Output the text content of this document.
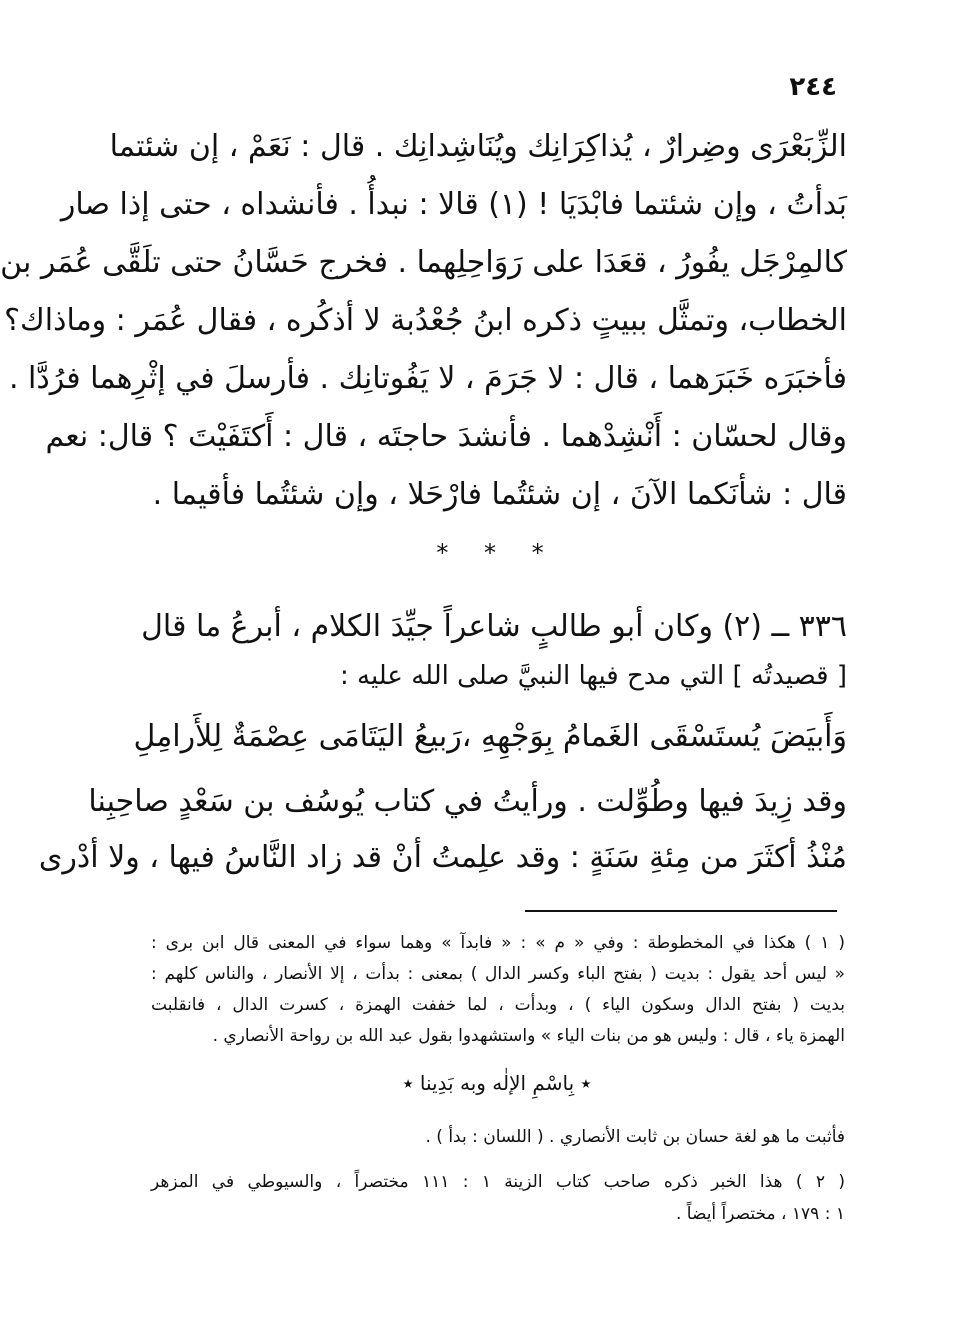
٢٤٤
الزِّبَعْرَى وضِرارٌ ، يُذاكِرَانِك ويُنَاشِدانِك . قال : نَعَمْ ، إن شئتما
بَدأتُ ، وإن شئتما فابْدَيَا ! (١) قالا : نبدأُ . فأنشداه ، حتى إذا صار
كالمِرْجَل يفُورُ ، قعَدَا على رَوَاحِلِهما . فخرج حَسَّانُ حتى تلَقَّى عُمَر بن
الخطاب، وتمثَّل ببيتٍ ذكره ابنُ جُعْدُبة لا أذكُره ، فقال عُمَر : وماذاك؟
فأخبَرَه خَبَرَهما ، قال : لا جَرَمَ ، لا يَفُوتانِك . فأرسلَ في إثْرِهما فرُدَّا .
وقال لحسّان : أَنْشِدْهما . فأنشدَ حاجتَه ، قال : أَكتَفَيْتَ ؟ قال: نعم
قال : شأنَكما الآنَ ، إن شئتُما فارْحَلا ، وإن شئتُما فأقيما .
* * *
٣٣٦ ــ (٢) وكان أبو طالبٍ شاعراً جيِّدَ الكلام ، أبرعُ ما قال
[ قصيدتُه ] التي مدح فيها النبيَّ صلى الله عليه :
وَأَبيَضَ يُستَسْقَى الغَمامُ بِوَجْهِهِ ،
رَبيعُ اليَتَامَى عِصْمَةٌ لِلأَرامِلِ
وقد زِيدَ فيها وطُوِّلت . ورأيتُ في كتاب يُوسُف بن سَعْدٍ صاحِبِنا
مُنْذُ أكثَرَ من مِئةِ سَنَةٍ : وقد علِمتُ أنْ قد زاد النَّاسُ فيها ، ولا أدْرى
( ١ ) هكذا في المخطوطة : وفي « م » : « فابدآ » وهما سواء في المعنى قال ابن برى :
« ليس أحد يقول : بديت ( بفتح الباء وكسر الدال ) بمعنى : بدأت ، إلا الأنصار ، والناس كلهم :
بديت ( بفتح الدال وسكون الياء ) ، وبدأت ، لما خففت الهمزة ، كسرت الدال ، فانقلبت
الهمزة ياء ، قال : وليس هو من بنات الياء » واستشهدوا بقول عبد الله بن رواحة الأنصاري .
٭ بِاسْمِ الإلٰه وبه بَدِينا ٭
فأثبت ما هو لغة حسان بن ثابت الأنصاري . ( اللسان : بدأ ) .
( ٢ ) هذا الخبر ذكره صاحب كتاب الزينة ١ : ١١١ مختصراً ، والسيوطي في المزهر
١ : ١٧٩ ، مختصراً أيضاً .
